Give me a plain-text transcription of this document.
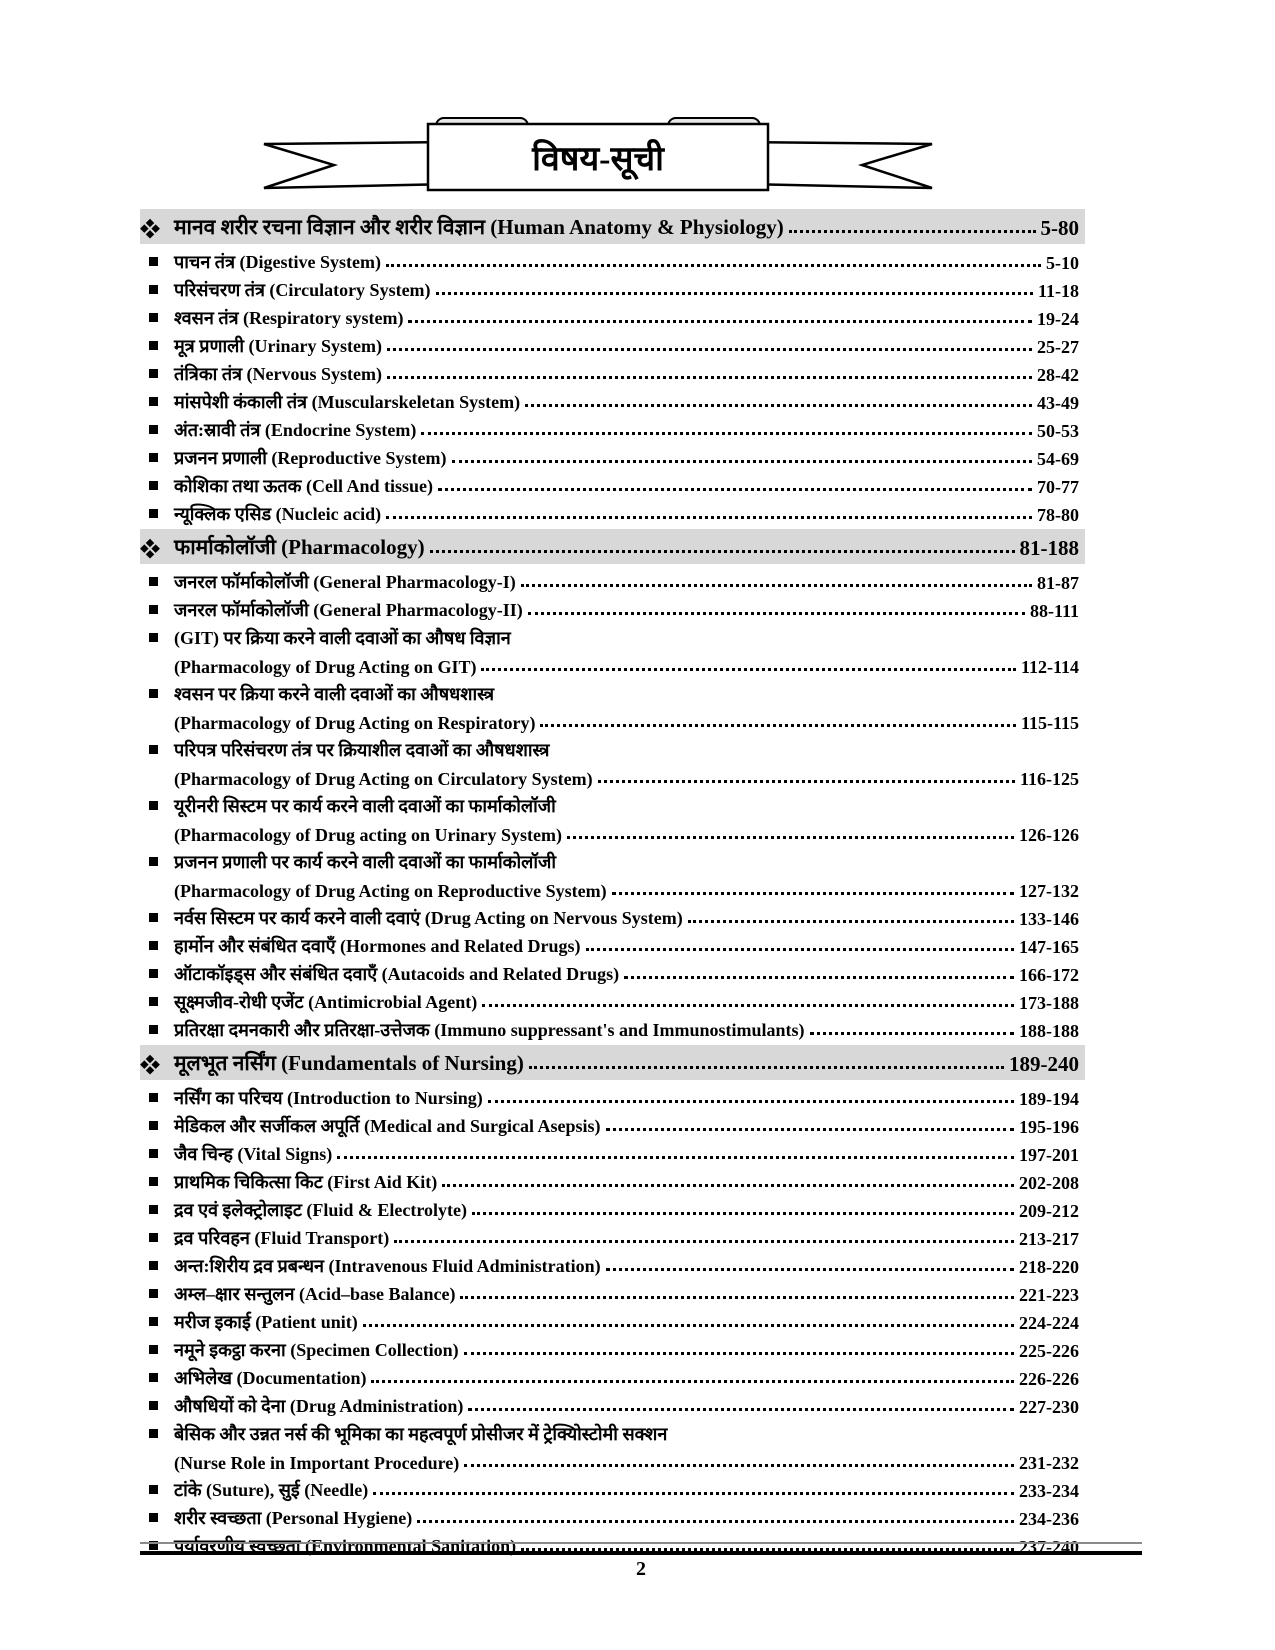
विषय-सूची
मानव शरीर रचना विज्ञान और शरीर विज्ञान (Human Anatomy & Physiology)	5-80
पाचन तंत्र (Digestive System)	5-10
परिसंचरण तंत्र (Circulatory System)	11-18
श्वसन तंत्र (Respiratory system)	19-24
मूत्र प्रणाली (Urinary System)	25-27
तंत्रिका तंत्र (Nervous System)	28-42
मांसपेशी कंकाली तंत्र (Muscularskeletan System)	43-49
अंत:स्रावी तंत्र (Endocrine System)	50-53
प्रजनन प्रणाली (Reproductive System)	54-69
कोशिका तथा ऊतक (Cell And tissue)	70-77
न्यूक्लिक एसिड (Nucleic acid)	78-80
फार्माकोलॉजी (Pharmacology)	81-188
जनरल फॉर्माकोलॉजी (General Pharmacology-I)	81-87
जनरल फॉर्माकोलॉजी (General Pharmacology-II)	88-111
(GIT) पर क्रिया करने वाली दवाओं का औषध विज्ञान
(Pharmacology of Drug Acting on GIT)	112-114
श्वसन पर क्रिया करने वाली दवाओं का औषधशास्त्र
(Pharmacology of Drug Acting on Respiratory)	115-115
परिपत्र परिसंचरण तंत्र पर क्रियाशील दवाओं का औषधशास्त्र
(Pharmacology of Drug Acting on Circulatory System)	116-125
यूरीनरी सिस्टम पर कार्य करने वाली दवाओं का फार्माकोलॉजी
(Pharmacology of Drug acting on Urinary System)	126-126
प्रजनन प्रणाली पर कार्य करने वाली दवाओं का फार्माकोलॉजी
(Pharmacology of Drug Acting on Reproductive System)	127-132
नर्वस सिस्टम पर कार्य करने वाली दवाएं (Drug Acting on Nervous System)	133-146
हार्मोन और संबंधित दवाएँ (Hormones and Related Drugs)	147-165
ऑटाकॉइड्स और संबंधित दवाएँ (Autacoids and Related Drugs)	166-172
सूक्ष्मजीव-रोधी एजेंट (Antimicrobial Agent)	173-188
प्रतिरक्षा दमनकारी और प्रतिरक्षा-उत्तेजक (Immuno suppressant's and Immunostimulants)	188-188
मूलभूत नर्सिंग (Fundamentals of Nursing)	189-240
नर्सिंग का परिचय (Introduction to Nursing)	189-194
मेडिकल और सर्जीकल अपूर्ति (Medical and Surgical Asepsis)	195-196
जैव चिन्ह (Vital Signs)	197-201
प्राथमिक चिकित्सा किट (First Aid Kit)	202-208
द्रव एवं इलेक्ट्रोलाइट (Fluid & Electrolyte)	209-212
द्रव परिवहन (Fluid Transport)	213-217
अन्त:शिरीय द्रव प्रबन्धन (Intravenous Fluid Administration)	218-220
अम्ल–क्षार सन्तुलन (Acid–base Balance)	221-223
मरीज इकाई (Patient unit)	224-224
नमूने इकट्ठा करना (Specimen Collection)	225-226
अभिलेख (Documentation)	226-226
औषधियों को देना (Drug Administration)	227-230
बेसिक और उन्नत नर्स की भूमिका का महत्वपूर्ण प्रोसीजर में ट्रेक्यिोस्टोमी सक्शन
(Nurse Role in Important Procedure)	231-232
टांके (Suture), सुई (Needle)	233-234
शरीर स्वच्छता (Personal Hygiene)	234-236
पर्यावरणीय स्वच्छता (Environmental Sanitation)	237-240
2
